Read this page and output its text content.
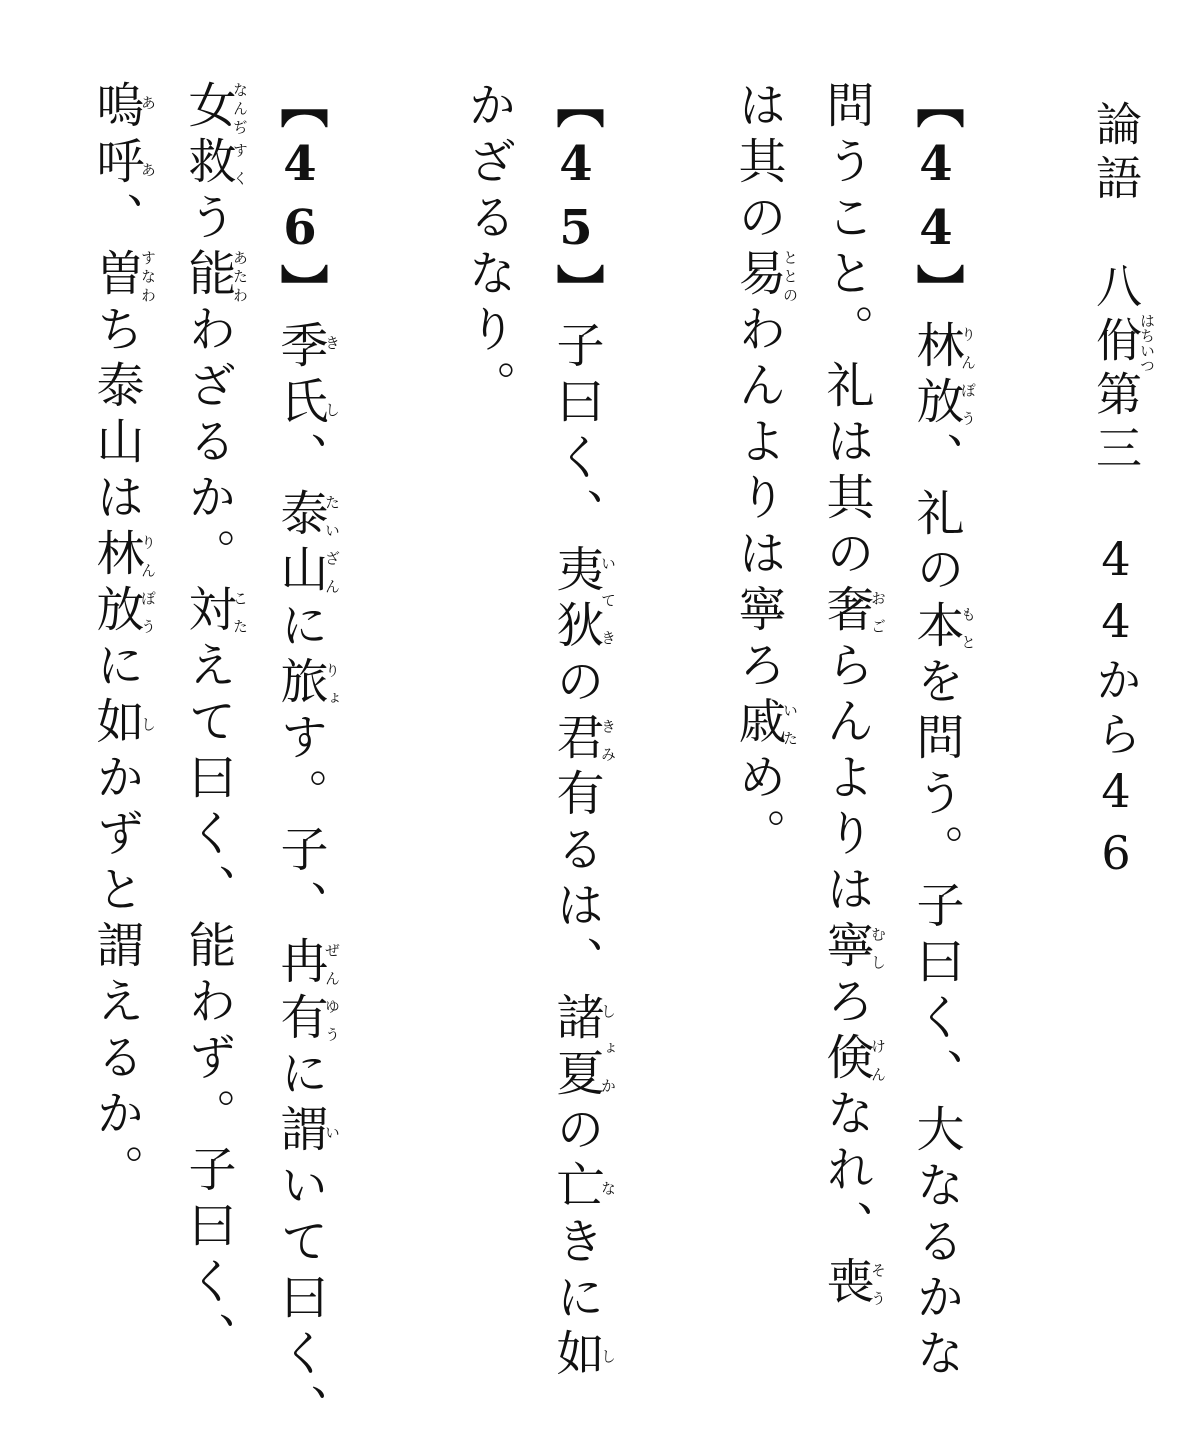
論語　八佾はちいつ第三　44から46
【44】林放りんぽう、礼の本もとを問う。子曰く、大なるかな
問うこと。礼は其の奢おごらんよりは寧むしろ倹けんなれ、喪そう
は其の易ととのわんよりは寧ろ戚いため。
【45】子曰く、夷狄いてきの君きみ有るは、諸夏しょかの亡なきに如し
かざるなり。
【46】季氏きし、泰山たいざんに旅りょす。子、冉有ぜんゆうに謂いいて曰く、
女なんぢ救すくう能あたわわざるか。対こたえて曰く、能わず。子曰く、
嗚呼ああ、曽すなわち泰山は林放りんぽうに如しかずと謂えるか。
